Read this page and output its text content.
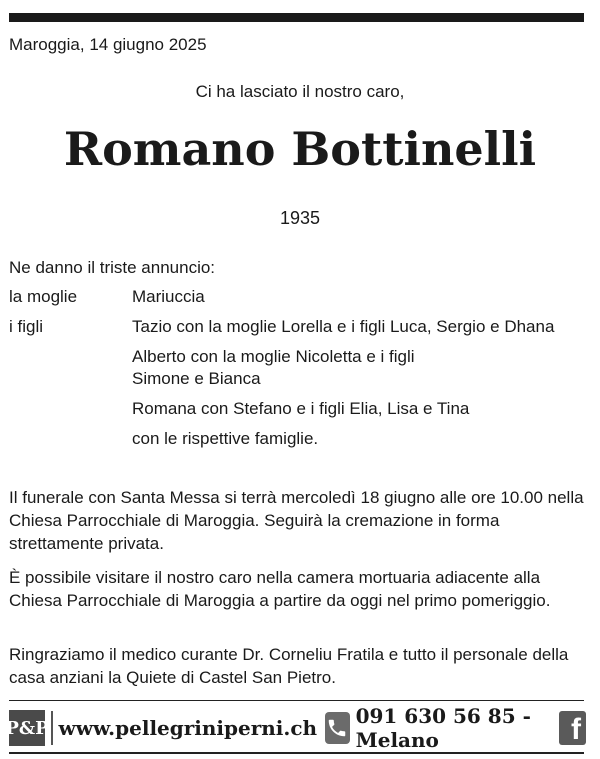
Maroggia, 14 giugno 2025
Ci ha lasciato il nostro caro,
Romano Bottinelli
1935
Ne danno il triste annuncio:
la moglie	Mariuccia
i figli	Tazio con la moglie Lorella e i figli Luca, Sergio e Dhana
Alberto con la moglie Nicoletta e i figli Simone e Bianca
Romana con Stefano e i figli Elia, Lisa e Tina
con le rispettive famiglie.
Il funerale con Santa Messa si terrà mercoledì 18 giugno alle ore 10.00 nella Chiesa Parrocchiale di Maroggia. Seguirà la cremazione in forma strettamente privata.
È possibile visitare il nostro caro nella camera mortuaria adiacente alla Chiesa Parrocchiale di Maroggia a partire da oggi nel primo pomeriggio.
Ringraziamo il medico curante Dr. Corneliu Fratila e tutto il personale della casa anziani la Quiete di Castel San Pietro.
P&P www.pellegriniperni.ch 091 630 56 85 - Melano	f
